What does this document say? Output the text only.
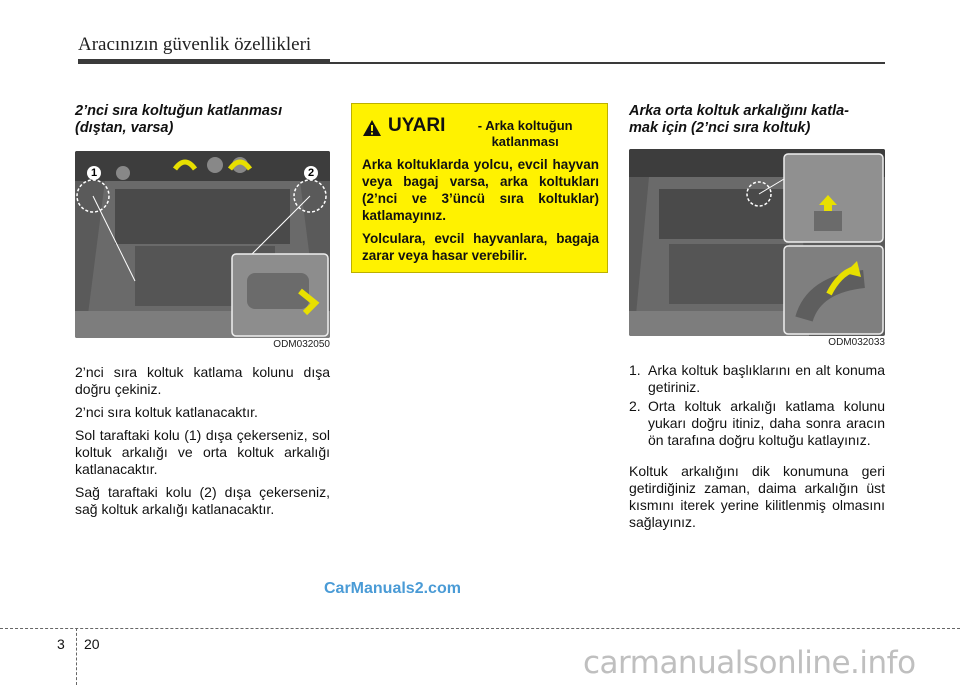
Aracınızın güvenlik özellikleri
2’nci sıra koltuğun katlanması
(dıştan, varsa)
1	2
ODM032050

2’nci sıra koltuk katlama kolunu dışa doğru çekiniz.

2’nci sıra koltuk katlanacaktır.

Sol taraftaki kolu (1) dışa çekerseniz, sol koltuk arkalığı ve orta koltuk arkalığı katlanacaktır.

Sağ taraftaki kolu (2) dışa çekerseniz, sağ koltuk arkalığı katlanacaktır.

UYARI	- Arka koltuğun katlanması

Arka koltuklarda yolcu, evcil hayvan veya bagaj varsa, arka koltukları (2’nci ve 3’üncü sıra koltuklar) katlamayınız.

Yolculara, evcil hayvanlara, bagaja zarar veya hasar verebilir.

Arka orta koltuk arkalığını katla-
mak için (2’nci sıra koltuk)
ODM032033
1. Arka koltuk başlıklarını en alt konuma getiriniz.
2. Orta koltuk arkalığı katlama kolunu yukarı doğru itiniz, daha sonra aracın ön tarafına doğru koltuğu katlayınız.

Koltuk arkalığını dik konumuna geri getirdiğiniz zaman, daima arkalığın üst kısmını iterek yerine kilitlenmiş olmasını sağlayınız.

CarManuals2.com
3 20
carmanualsonline.info
